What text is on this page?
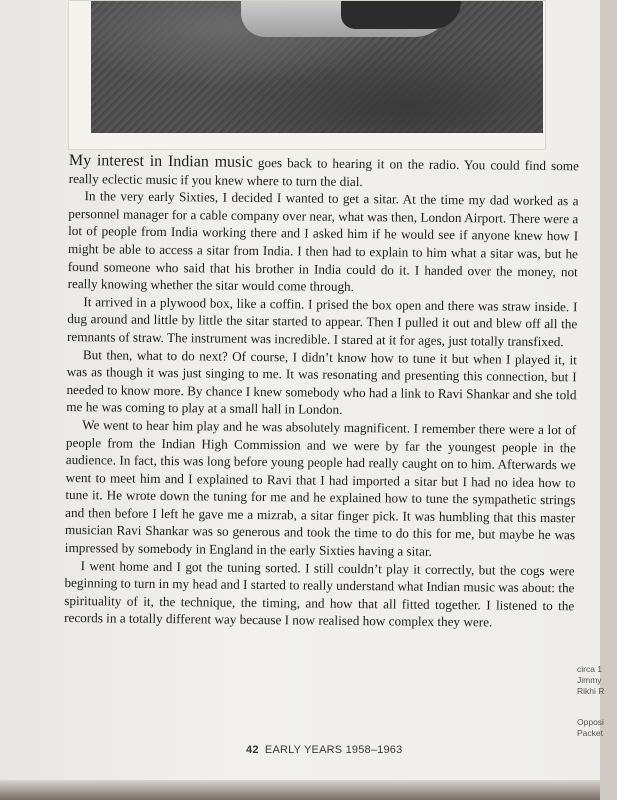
My interest in Indian music goes back to hearing it on the radio. You could find some really eclectic music if you knew where to turn the dial.

In the very early Sixties, I decided I wanted to get a sitar. At the time my dad worked as a personnel manager for a cable company over near, what was then, London Airport. There were a lot of people from India working there and I asked him if he would see if anyone knew how I might be able to access a sitar from India. I then had to explain to him what a sitar was, but he found someone who said that his brother in India could do it. I handed over the money, not really knowing whether the sitar would come through.

It arrived in a plywood box, like a coffin. I prised the box open and there was straw inside. I dug around and little by little the sitar started to appear. Then I pulled it out and blew off all the remnants of straw. The instrument was incredible. I stared at it for ages, just totally transfixed.

But then, what to do next? Of course, I didn’t know how to tune it but when I played it, it was as though it was just singing to me. It was resonating and presenting this connection, but I needed to know more. By chance I knew somebody who had a link to Ravi Shankar and she told me he was coming to play at a small hall in London.

We went to hear him play and he was absolutely magnificent. I remember there were a lot of people from the Indian High Commission and we were by far the youngest people in the audience. In fact, this was long before young people had really caught on to him. Afterwards we went to meet him and I explained to Ravi that I had imported a sitar but I had no idea how to tune it. He wrote down the tuning for me and he explained how to tune the sympathetic strings and then before I left he gave me a mizrab, a sitar finger pick. It was humbling that this master musician Ravi Shankar was so generous and took the time to do this for me, but maybe he was impressed by somebody in England in the early Sixties having a sitar.

I went home and I got the tuning sorted. I still couldn’t play it correctly, but the cogs were beginning to turn in my head and I started to really understand what Indian music was about: the spirituality of it, the technique, the timing, and how that all fitted together. I listened to the records in a totally different way because I now realised how complex they were.

42 EARLY YEARS 1958–1963
circa 1
Jimmy
Rikhi R
Opposi
Packet
